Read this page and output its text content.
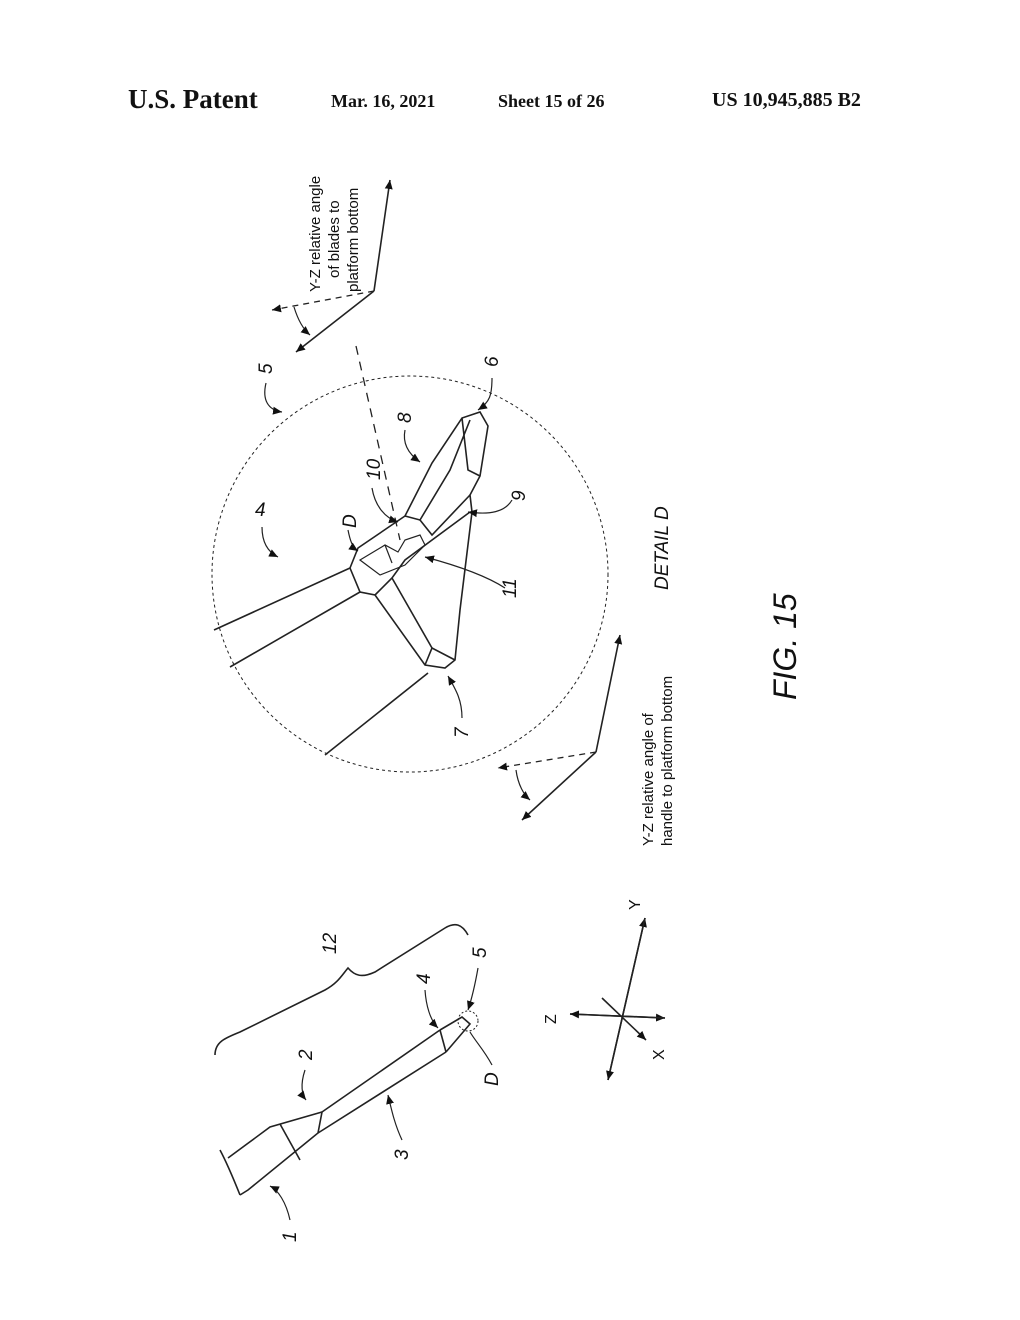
U.S. Patent	Mar. 16, 2021	Sheet 15 of 26	US 10,945,885 B2
4
5
6
7
8
9
10
11
D
Y-Z relative angle of blades to platform bottom
Y-Z relative angle of handle to platform bottom
DETAIL D
FIG. 15
1
2
3
4
5
12
D
Y
Z
X
